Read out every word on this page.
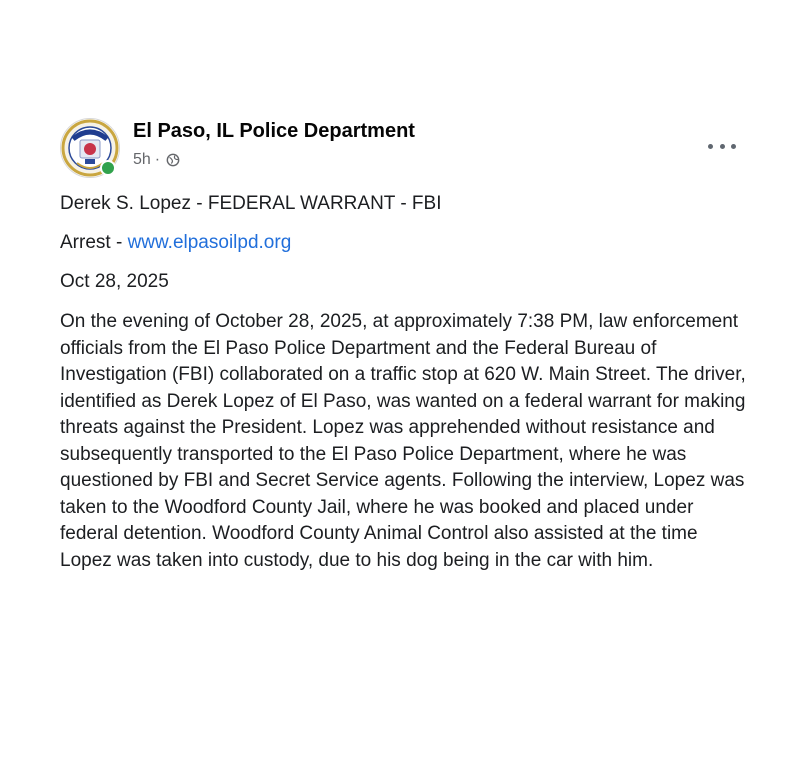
El Paso, IL Police Department
5h ·

Derek S. Lopez - FEDERAL WARRANT - FBI

Arrest - www.elpasoilpd.org

Oct 28, 2025

On the evening of October 28, 2025, at approximately 7:38 PM, law enforcement officials from the El Paso Police Department and the Federal Bureau of Investigation (FBI) collaborated on a traffic stop at 620 W. Main Street. The driver, identified as Derek Lopez of El Paso, was wanted on a federal warrant for making threats against the President. Lopez was apprehended without resistance and subsequently transported to the El Paso Police Department, where he was questioned by FBI and Secret Service agents. Following the interview, Lopez was taken to the Woodford County Jail, where he was booked and placed under federal detention. Woodford County Animal Control also assisted at the time Lopez was taken into custody, due to his dog being in the car with him.
